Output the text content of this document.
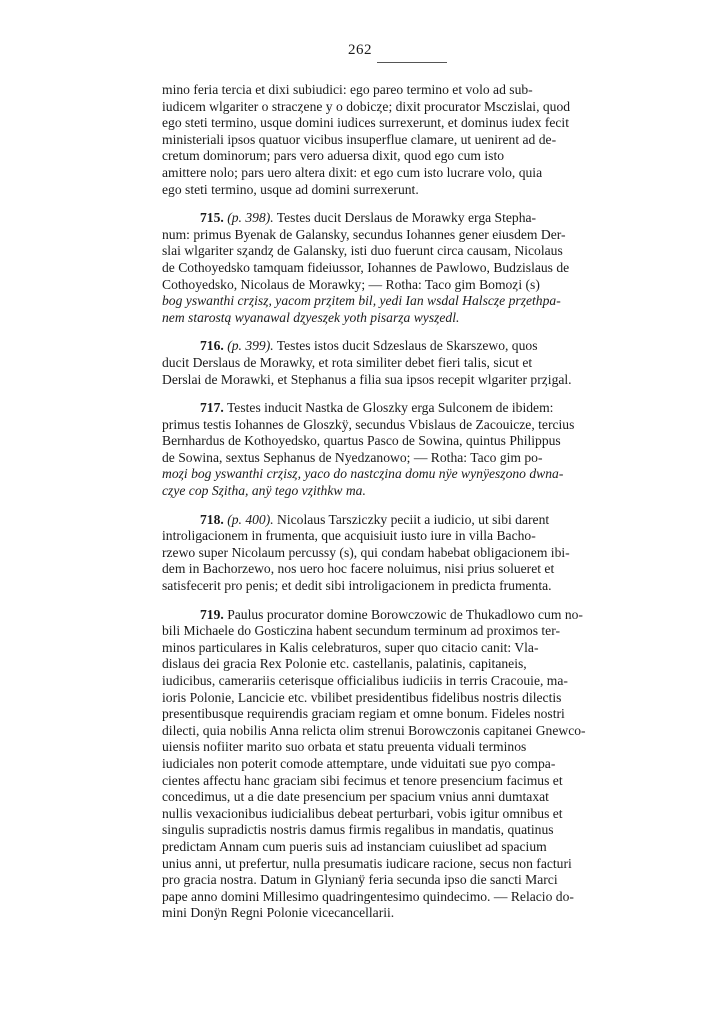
262
mino feria tercia et dixi subiudici: ego pareo termino et volo ad sub-
iudicem wlgariter o stracȥene y o dobicȥe; dixit procurator Msczislai, quod
ego steti termino, usque domini iudices surrexerunt, et dominus iudex fecit
ministeriali ipsos quatuor vicibus insuperflue clamare, ut uenirent ad de-
cretum dominorum; pars vero aduersa dixit, quod ego cum isto
amittere nolo; pars uero altera dixit: et ego cum isto lucrare volo, quia
ego steti termino, usque ad domini surrexerunt.
715. (p. 398). Testes ducit Derslaus de Morawky erga Stepha-
num: primus Byenak de Galansky, secundus Iohannes gener eiusdem Der-
slai wlgariter sȥandȥ de Galansky, isti duo fuerunt circa causam, Nicolaus
de Cothoyedsko tamquam fideiussor, Iohannes de Pawlowo, Budzislaus de
Cothoyedsko, Nicolaus de Morawky; — Rotha: Taco gim Bomoȥi (s)
bog yswanthi crȥisȥ, yacom prȥitem bil, yedi Ian wsdal Halscȥe prȥethpa-
nem starostą wyanawal dȥyesȥek yoth pisarȥa wysȥedl.
716. (p. 399). Testes istos ducit Sdzeslaus de Skarszewo, quos
ducit Derslaus de Morawky, et rota similiter debet fieri talis, sicut et
Derslai de Morawki, et Stephanus a filia sua ipsos recepit wlgariter prȥigal.
717. Testes inducit Nastka de Gloszky erga Sulconem de ibidem:
primus testis Iohannes de Gloszkÿ, secundus Vbislaus de Zacouicze, tercius
Bernhardus de Kothoyedsko, quartus Pasco de Sowina, quintus Philippus
de Sowina, sextus Sephanus de Nyedzanowo; — Rotha: Taco gim po-
moȥi bog yswanthi crȥisȥ, yaco do nastcȥina domu nÿe wynÿesȥono dwna-
cȥye cop Sȥitha, anÿ tego vȥithkw ma.
718. (p. 400). Nicolaus Tarsziczky peciit a iudicio, ut sibi darent
introligacionem in frumenta, que acquisiuit iusto iure in villa Bacho-
rzewo super Nicolaum percussy (s), qui condam habebat obligacionem ibi-
dem in Bachorzewo, nos uero hoc facere noluimus, nisi prius solueret et
satisfecerit pro penis; et dedit sibi introligacionem in predicta frumenta.
719. Paulus procurator domine Borowczowic de Thukadlowo cum no-
bili Michaele do Gosticzina habent secundum terminum ad proximos ter-
minos particulares in Kalis celebraturos, super quo citacio canit: Vla-
dislaus dei gracia Rex Polonie etc. castellanis, palatinis, capitaneis,
iudicibus, camerariis ceterisque officialibus iudiciis in terris Cracouie, ma-
ioris Polonie, Lancicie etc. vbilibet presidentibus fidelibus nostris dilectis
presentibusque requirendis graciam regiam et omne bonum. Fideles nostri
dilecti, quia nobilis Anna relicta olim strenui Borowczonis capitanei Gnewco-
uiensis nofiiter marito suo orbata et statu preuenta viduali terminos
iudiciales non poterit comode attemptare, unde viduitati sue pyo compa-
cientes affectu hanc graciam sibi fecimus et tenore presencium facimus et
concedimus, ut a die date presencium per spacium vnius anni dumtaxat
nullis vexacionibus iudicialibus debeat perturbari, vobis igitur omnibus et
singulis supradictis nostris damus firmis regalibus in mandatis, quatinus
predictam Annam cum pueris suis ad instanciam cuiuslibet ad spacium
unius anni, ut prefertur, nulla presumatis iudicare racione, secus non facturi
pro gracia nostra. Datum in Glynianÿ feria secunda ipso die sancti Marci
pape anno domini Millesimo quadringentesimo quindecimo. — Relacio do-
mini Donÿn Regni Polonie vicecancellarii.
